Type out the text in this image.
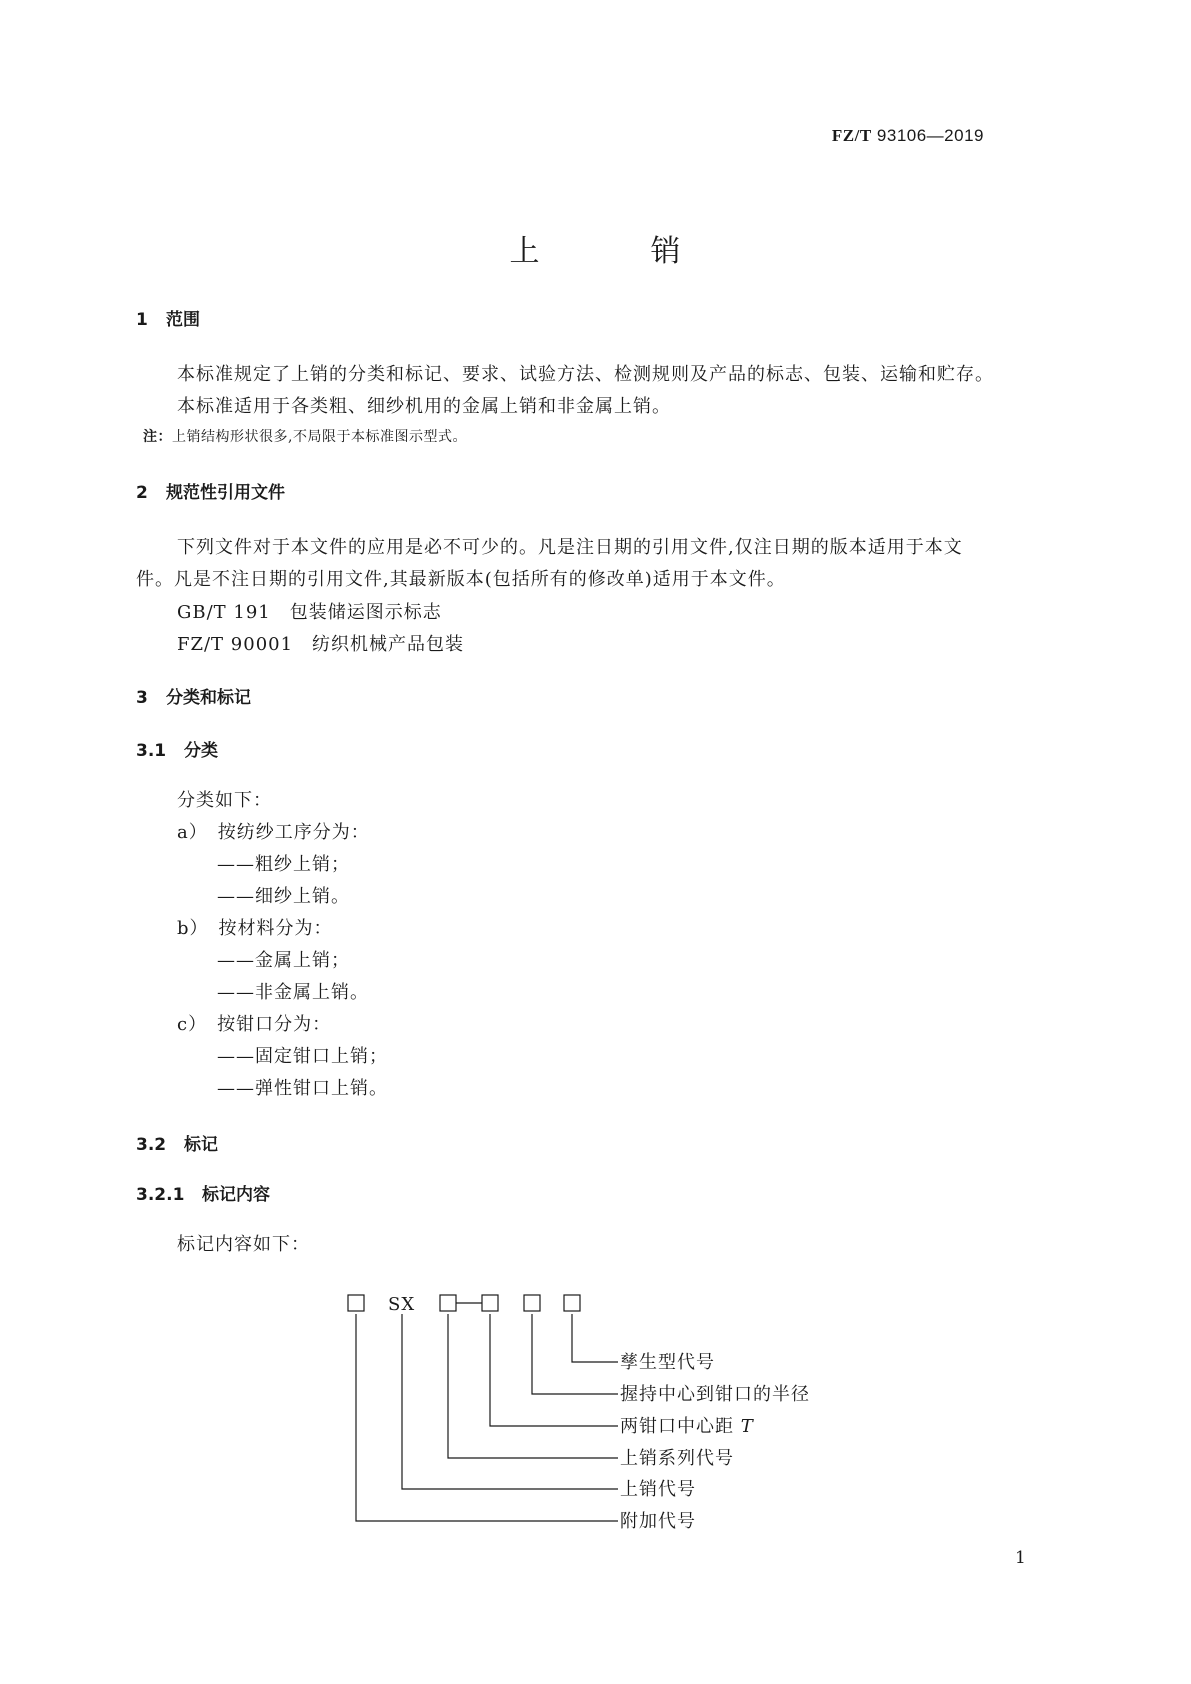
FZ/T 93106—2019
上	销
1 范围
本标准规定了上销的分类和标记、要求、试验方法、检测规则及产品的标志、包装、运输和贮存。
本标准适用于各类粗、细纱机用的金属上销和非金属上销。
注：上销结构形状很多,不局限于本标准图示型式。
2 规范性引用文件
下列文件对于本文件的应用是必不可少的。凡是注日期的引用文件,仅注日期的版本适用于本文
件。凡是不注日期的引用文件,其最新版本(包括所有的修改单)适用于本文件。
GB/T 191　包装储运图示标志
FZ/T 90001　纺织机械产品包装
3 分类和标记
3.1 分类
分类如下：
a）　按纺纱工序分为：
——粗纱上销；
——细纱上销。
b）　按材料分为：
——金属上销；
——非金属上销。
c）　按钳口分为：
——固定钳口上销；
——弹性钳口上销。
3.2 标记
3.2.1 标记内容
标记内容如下：
SX
孳生型代号
握持中心到钳口的半径
两钳口中心距 T
上销系列代号
上销代号
附加代号
1
